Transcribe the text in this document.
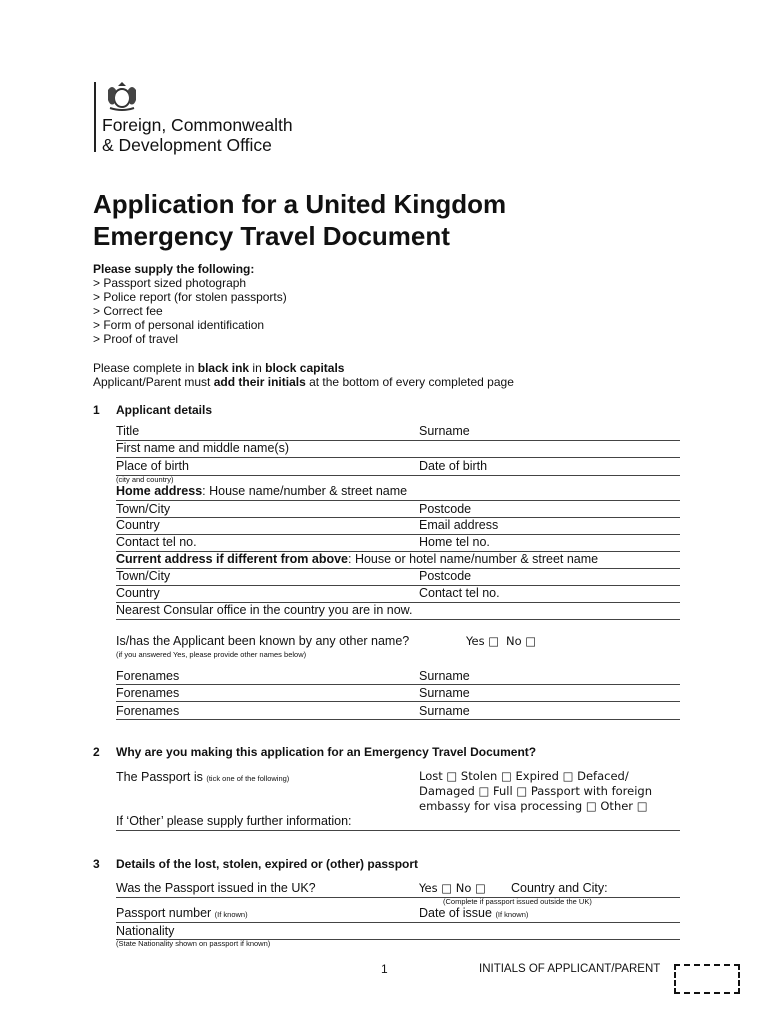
Foreign, Commonwealth
& Development Office
Application for a United Kingdom
Emergency Travel Document
Please supply the following:
> Passport sized photograph
> Police report (for stolen passports)
> Correct fee
> Form of personal identification
> Proof of travel
Please complete in black ink in block capitals
Applicant/Parent must add their initials at the bottom of every completed page
1 Applicant details
Title	Surname
First name and middle name(s)
Place of birth	Date of birth
(city and country)
Home address: House name/number & street name
Town/City	Postcode
Country	Email address
Contact tel no.	Home tel no.
Current address if different from above: House or hotel name/number & street name
Town/City	Postcode
Country	Contact tel no.
Nearest Consular office in the country you are in now.
Is/has the Applicant been known by any other name?	Yes □ No □
(if you answered Yes, please provide other names below)
Forenames	Surname
Forenames	Surname
Forenames	Surname
2 Why are you making this application for an Emergency Travel Document?
The Passport is (tick one of the following)	Lost □ Stolen □ Expired □ Defaced/
Damaged □ Full □ Passport with foreign
embassy for visa processing □ Other □
If ‘Other’ please supply further information:
3 Details of the lost, stolen, expired or (other) passport
Was the Passport issued in the UK?	Yes □ No □ Country and City:
(Complete if passport issued outside the UK)
Passport number (If known)	Date of issue (If known)
Nationality
(State Nationality shown on passport if known)
1	INITIALS OF APPLICANT/PARENT
